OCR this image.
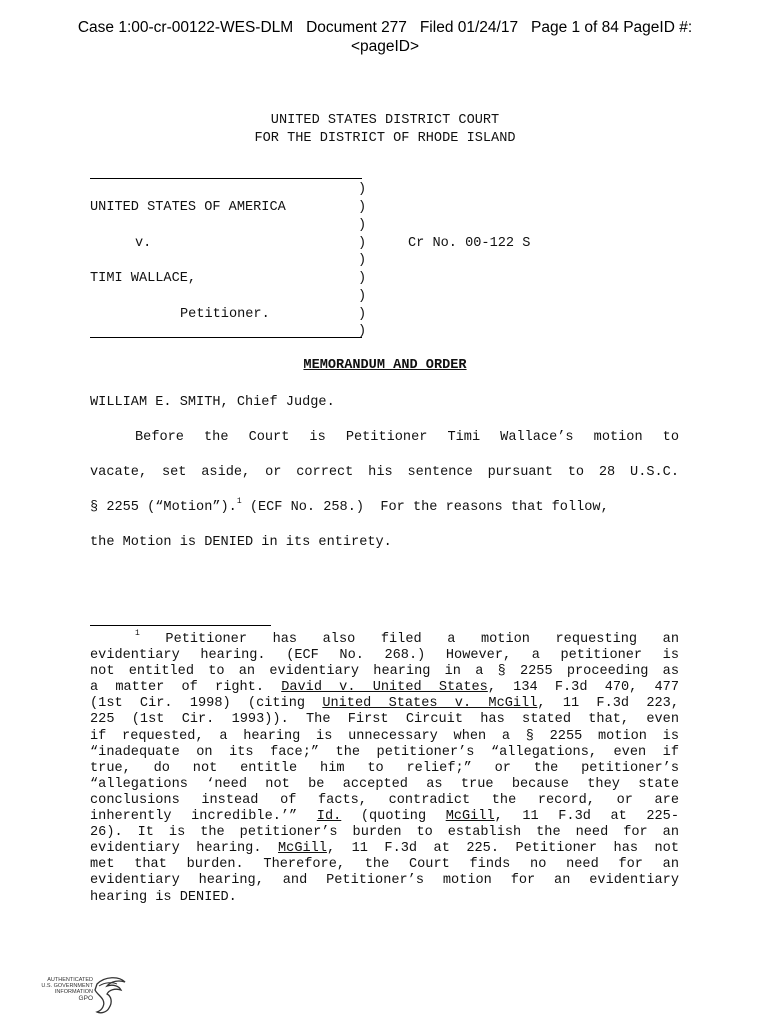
Case 1:00-cr-00122-WES-DLM   Document 277   Filed 01/24/17   Page 1 of 84 PageID #:
<pageID>
UNITED STATES DISTRICT COURT
FOR THE DISTRICT OF RHODE ISLAND
)
)
)
)
)
)
)
)
)
UNITED STATES OF AMERICA
v.	Cr No. 00-122 S
TIMI WALLACE,
Petitioner.
MEMORANDUM AND ORDER
WILLIAM E. SMITH, Chief Judge.
Before the Court is Petitioner Timi Wallace’s motion to
vacate, set aside, or correct his sentence pursuant to 28 U.S.C.
§ 2255 (“Motion”).$^1$ (ECF No. 258.)  For the reasons that follow,
the Motion is DENIED in its entirety.
$^1$ Petitioner has also filed a motion requesting an
evidentiary hearing. (ECF No. 268.) However, a petitioner is
not entitled to an evidentiary hearing in a § 2255 proceeding as
a matter of right. David v. United States, 134 F.3d 470, 477
(1st Cir. 1998) (citing United States v. McGill, 11 F.3d 223,
225 (1st Cir. 1993)). The First Circuit has stated that, even
if requested, a hearing is unnecessary when a § 2255 motion is
“inadequate on its face;” the petitioner’s “allegations, even if
true, do not entitle him to relief;” or the petitioner’s
“allegations ‘need not be accepted as true because they state
conclusions instead of facts, contradict the record, or are
inherently incredible.’” Id. (quoting McGill, 11 F.3d at 225-
26). It is the petitioner’s burden to establish the need for an
evidentiary hearing. McGill, 11 F.3d at 225. Petitioner has not
met that burden. Therefore, the Court finds no need for an
evidentiary hearing, and Petitioner’s motion for an evidentiary
hearing is DENIED.
AUTHENTICATED
U.S. GOVERNMENT
INFORMATION
GPO
